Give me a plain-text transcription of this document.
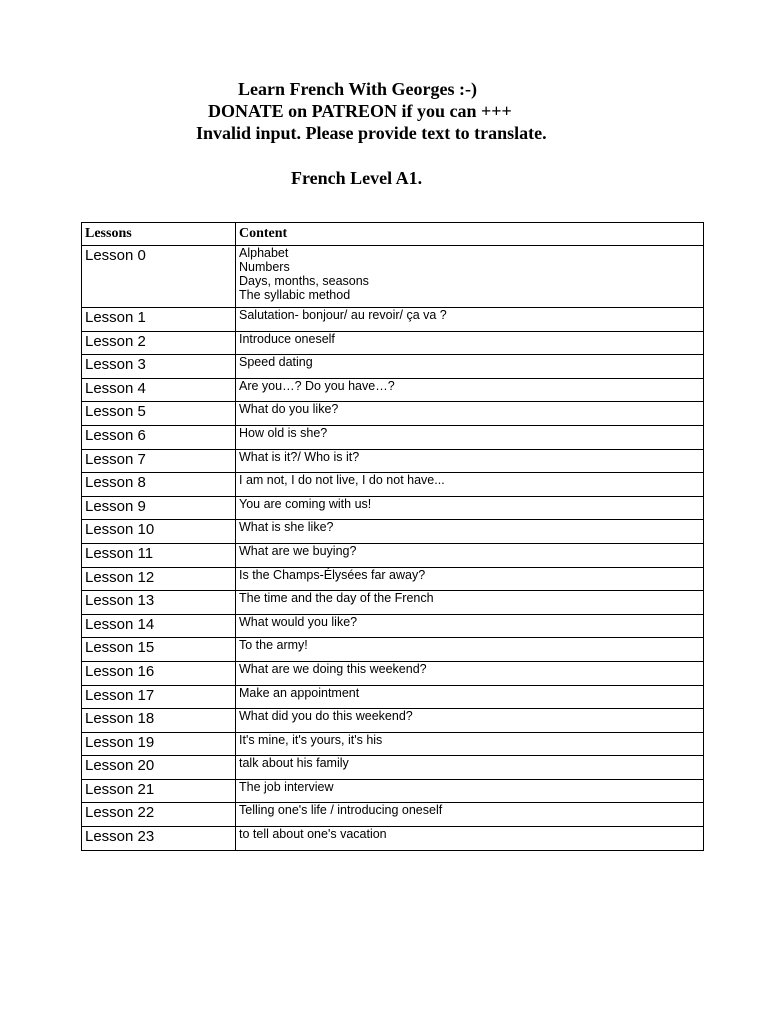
Learn French With Georges :-)
DONATE on PATREON if you can +++
Invalid input. Please provide text to translate.
French Level A1.
Lessons	Content
Lesson 0	Alphabet
Numbers
Days, months, seasons
The syllabic method

Lesson 1	Salutation- bonjour/ au revoir/ ça va ?
Lesson 2	Introduce oneself
Lesson 3	Speed dating
Lesson 4	Are you…? Do you have…?
Lesson 5	What do you like?
Lesson 6	How old is she?
Lesson 7	What is it?/ Who is it?
Lesson 8	I am not, I do not live, I do not have...
Lesson 9	You are coming with us!
Lesson 10	What is she like?
Lesson 11	What are we buying?
Lesson 12	Is the Champs-Élysées far away?
Lesson 13	The time and the day of the French
Lesson 14	What would you like?
Lesson 15	To the army!
Lesson 16	What are we doing this weekend?
Lesson 17	Make an appointment
Lesson 18	What did you do this weekend?
Lesson 19	It's mine, it's yours, it's his
Lesson 20	talk about his family
Lesson 21	The job interview
Lesson 22	Telling one's life / introducing oneself
Lesson 23	to tell about one's vacation
